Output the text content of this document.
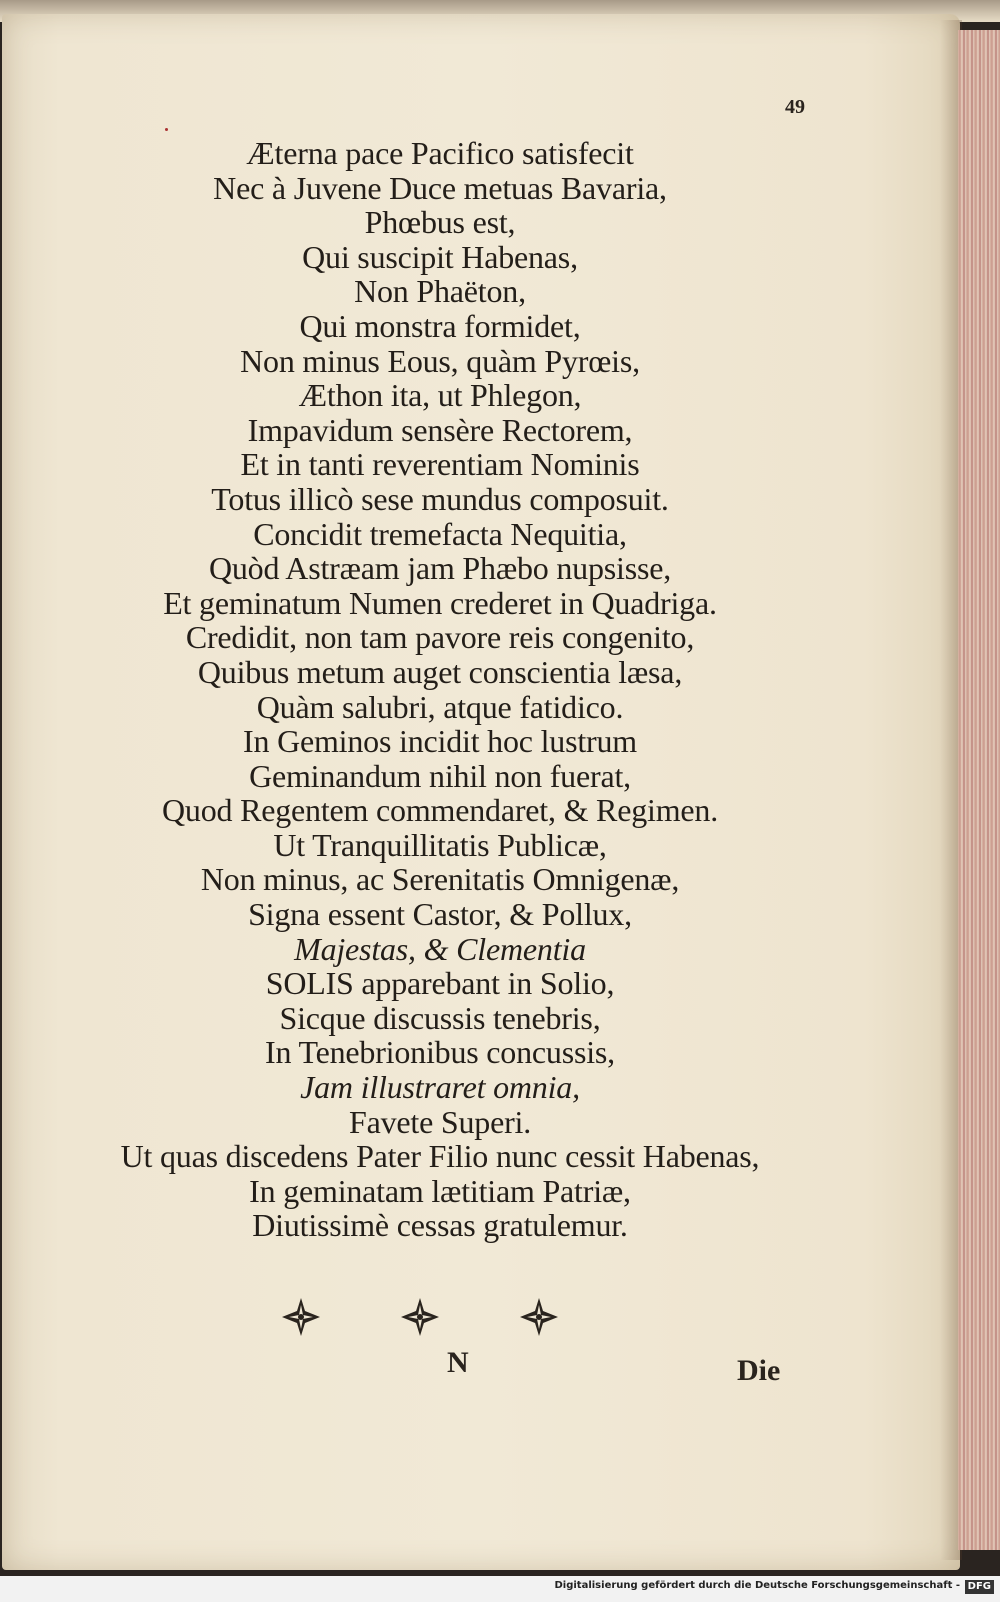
49
Æterna pace Pacifico satisfecit
Nec à Juvene Duce metuas Bavaria,
Phœbus est,
Qui suscipit Habenas,
Non Phaëton,
Qui monstra formidet,
Non minus Eous, quàm Pyrœis,
Æthon ita, ut Phlegon,
Impavidum sensère Rectorem,
Et in tanti reverentiam Nominis
Totus illicò sese mundus composuit.
Concidit tremefacta Nequitia,
Quòd Astræam jam Phæbo nupsisse,
Et geminatum Numen crederet in Quadriga.
Credidit, non tam pavore reis congenito,
Quibus metum auget conscientia læsa,
Quàm salubri, atque fatidico.
In Geminos incidit hoc lustrum
Geminandum nihil non fuerat,
Quod Regentem commendaret, & Regimen.
Ut Tranquillitatis Publicæ,
Non minus, ac Serenitatis Omnigenæ,
Signa essent Castor, & Pollux,
Majestas, & Clementia
SOLIS apparebant in Solio,
Sicque discussis tenebris,
In Tenebrionibus concussis,
Jam illustraret omnia,
Favete Superi.
Ut quas discedens Pater Filio nunc cessit Habenas,
In geminatam lætitiam Patriæ,
Diutissimè cessas gratulemur.
N	Die
Digitalisierung gefördert durch die Deutsche Forschungsgemeinschaft - DFG
